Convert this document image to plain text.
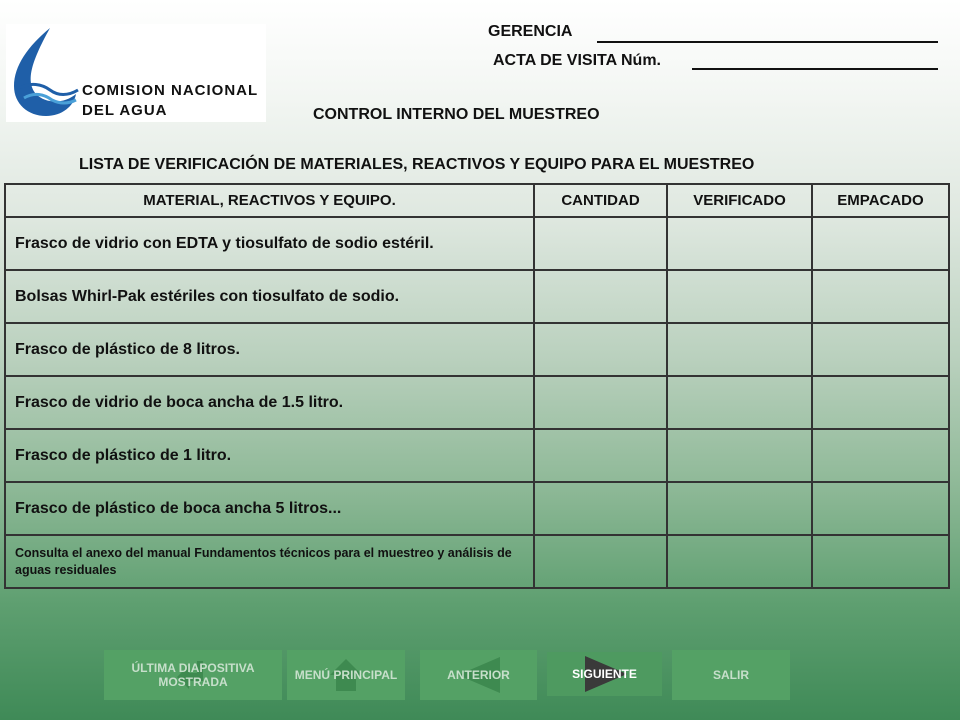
COMISION NACIONAL
DEL AGUA
GERENCIA
ACTA DE VISITA Núm.
CONTROL INTERNO DEL MUESTREO
LISTA DE VERIFICACIÓN DE MATERIALES, REACTIVOS Y EQUIPO PARA EL MUESTREO
MATERIAL, REACTIVOS Y EQUIPO.	CANTIDAD	VERIFICADO	EMPACADO
Frasco de vidrio con EDTA y tiosulfato de sodio estéril.			
Bolsas Whirl-Pak estériles con tiosulfato de sodio.			
Frasco de plástico de 8 litros.			
Frasco de vidrio de boca ancha de 1.5 litro.			
Frasco de plástico de 1 litro.			
Frasco de plástico de boca ancha 5 litros...			
Consulta el anexo del manual Fundamentos técnicos para el muestreo y análisis de aguas residuales			
ÚLTIMA DIAPOSITIVA MOSTRADA	MENÚ PRINCIPAL	ANTERIOR	SIGUIENTE	SALIR
